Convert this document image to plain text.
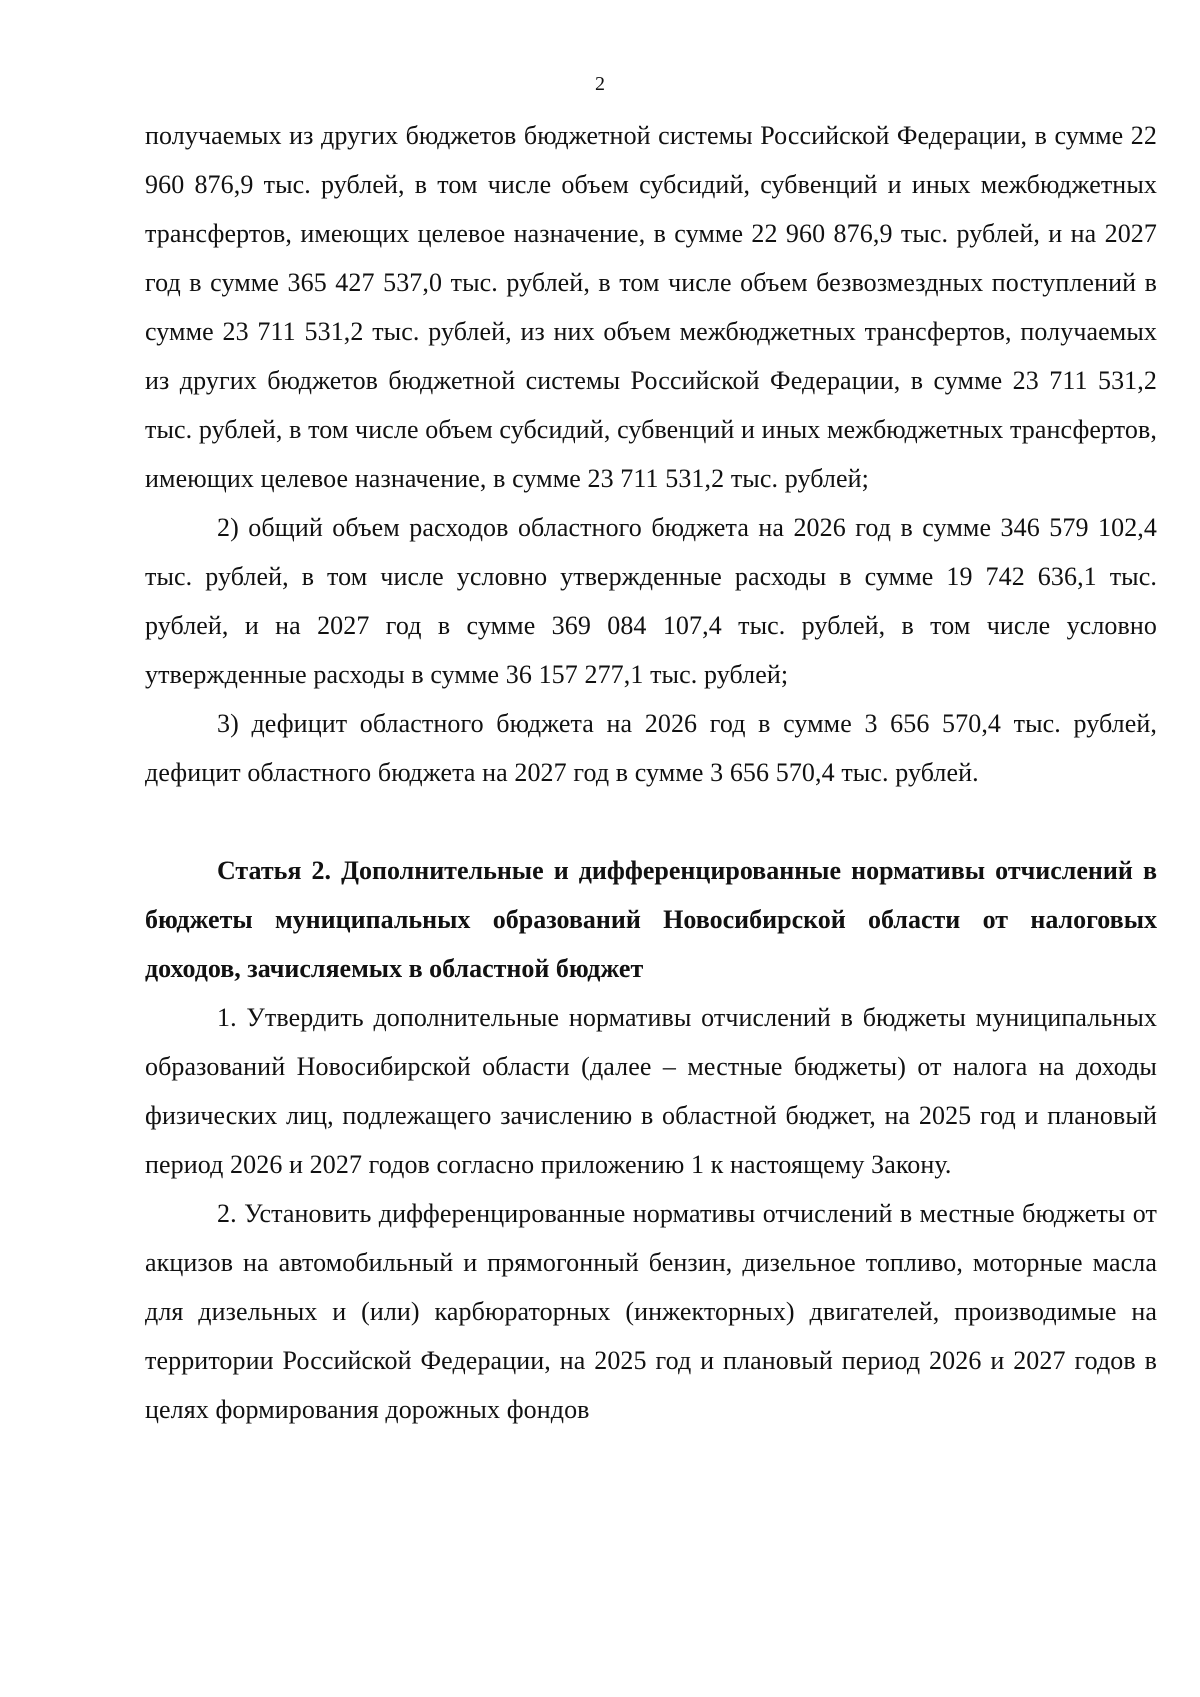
2

получаемых из других бюджетов бюджетной системы Российской Федерации, в сумме 22 960 876,9 тыс. рублей, в том числе объем субсидий, субвенций и иных межбюджетных трансфертов, имеющих целевое назначение, в сумме 22 960 876,9 тыс. рублей, и на 2027 год в сумме 365 427 537,0 тыс. рублей, в том числе объем безвозмездных поступлений в сумме 23 711 531,2 тыс. рублей, из них объем межбюджетных трансфертов, получаемых из других бюджетов бюджетной системы Российской Федерации, в сумме 23 711 531,2 тыс. рублей, в том числе объем субсидий, субвенций и иных межбюджетных трансфертов, имеющих целевое назначение, в сумме 23 711 531,2 тыс. рублей;

2) общий объем расходов областного бюджета на 2026 год в сумме 346 579 102,4 тыс. рублей, в том числе условно утвержденные расходы в сумме 19 742 636,1 тыс. рублей, и на 2027 год в сумме 369 084 107,4 тыс. рублей, в том числе условно утвержденные расходы в сумме 36 157 277,1 тыс. рублей;

3) дефицит областного бюджета на 2026 год в сумме 3 656 570,4 тыс. рублей, дефицит областного бюджета на 2027 год в сумме 3 656 570,4 тыс. рублей.

Статья 2. Дополнительные и дифференцированные нормативы отчислений в бюджеты муниципальных образований Новосибирской области от налоговых доходов, зачисляемых в областной бюджет

1. Утвердить дополнительные нормативы отчислений в бюджеты муниципальных образований Новосибирской области (далее – местные бюджеты) от налога на доходы физических лиц, подлежащего зачислению в областной бюджет, на 2025 год и плановый период 2026 и 2027 годов согласно приложению 1 к настоящему Закону.

2. Установить дифференцированные нормативы отчислений в местные бюджеты от акцизов на автомобильный и прямогонный бензин, дизельное топливо, моторные масла для дизельных и (или) карбюраторных (инжекторных) двигателей, производимые на территории Российской Федерации, на 2025 год и плановый период 2026 и 2027 годов в целях формирования дорожных фондов
